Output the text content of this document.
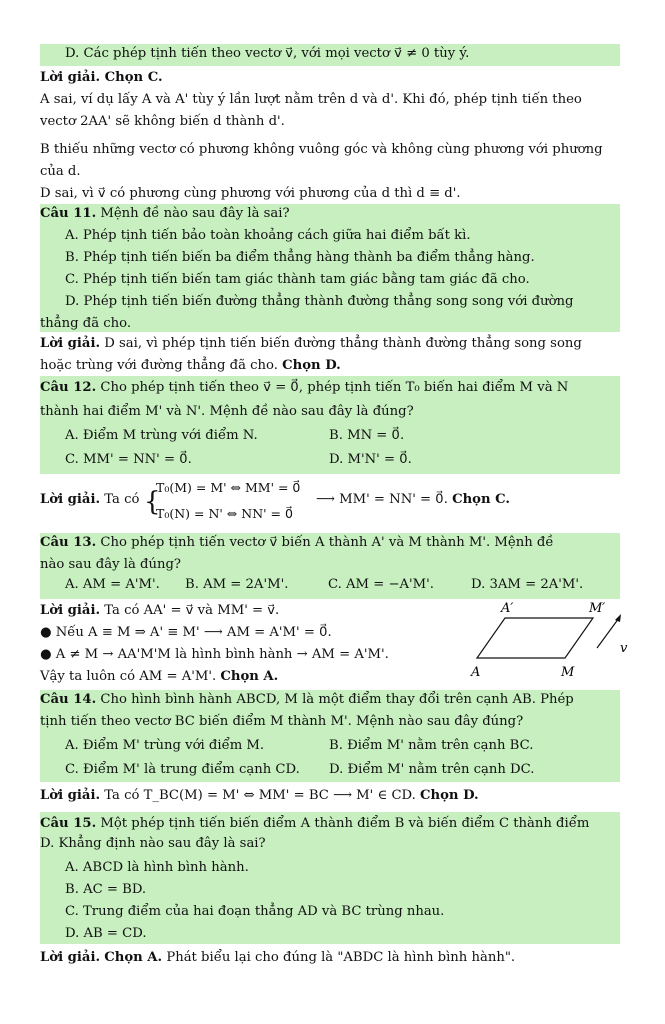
D. Các phép tịnh tiến theo vectơ v⃗, với mọi vectơ v⃗ ≠ 0 tùy ý.
Lời giải. Chọn C.
A sai, ví dụ lấy A và A' tùy ý lần lượt nằm trên d và d'. Khi đó, phép tịnh tiến theo
vectơ 2AA' sẽ không biến d thành d'.
B thiếu những vectơ có phương không vuông góc và không cùng phương với phương
của d.
D sai, vì v⃗ có phương cùng phương với phương của d thì d ≡ d'.
Câu 11. Mệnh đề nào sau đây là sai?
A. Phép tịnh tiến bảo toàn khoảng cách giữa hai điểm bất kì.
B. Phép tịnh tiến biến ba điểm thẳng hàng thành ba điểm thẳng hàng.
C. Phép tịnh tiến biến tam giác thành tam giác bằng tam giác đã cho.
D. Phép tịnh tiến biến đường thẳng thành đường thẳng song song với đường
thẳng đã cho.
Lời giải. D sai, vì phép tịnh tiến biến đường thẳng thành đường thẳng song song
hoặc trùng với đường thẳng đã cho. Chọn D.
Câu 12. Cho phép tịnh tiến theo v⃗ = 0⃗, phép tịnh tiến T₀ biến hai điểm M và N
thành hai điểm M' và N'. Mệnh đề nào sau đây là đúng?
A. Điểm M trùng với điểm N.	B. MN = 0⃗.
C. MM' = NN' = 0⃗.	D. M'N' = 0⃗.
Lời giải. Ta có {
T₀(M) = M' ⇔ MM' = 0⃗
T₀(N) = N' ⇔ NN' = 0⃗
⟶ MM' = NN' = 0⃗. Chọn C.
Câu 13. Cho phép tịnh tiến vectơ v⃗ biến A thành A' và M thành M'. Mệnh đề
nào sau đây là đúng?
A. AM = A'M'.	B. AM = 2A'M'.	C. AM = −A'M'.	D. 3AM = 2A'M'.
Lời giải. Ta có AA' = v⃗ và MM' = v⃗.
● Nếu A ≡ M ⇒ A' ≡ M' ⟶ AM = A'M' = 0⃗.
● A ≠ M → AA'M'M là hình bình hành → AM = A'M'.
Vậy ta luôn có AM = A'M'. Chọn A.
A′	M′
v
A	M
Câu 14. Cho hình bình hành ABCD, M là một điểm thay đổi trên cạnh AB. Phép
tịnh tiến theo vectơ BC biến điểm M thành M'. Mệnh nào sau đây đúng?
A. Điểm M' trùng với điểm M.	B. Điểm M' nằm trên cạnh BC.
C. Điểm M' là trung điểm cạnh CD.	D. Điểm M' nằm trên cạnh DC.
Lời giải. Ta có T_BC(M) = M' ⇔ MM' = BC ⟶ M' ∈ CD. Chọn D.
Câu 15. Một phép tịnh tiến biến điểm A thành điểm B và biến điểm C thành điểm
D. Khẳng định nào sau đây là sai?
A. ABCD là hình bình hành.
B. AC = BD.
C. Trung điểm của hai đoạn thẳng AD và BC trùng nhau.
D. AB = CD.
Lời giải. Chọn A. Phát biểu lại cho đúng là "ABDC là hình bình hành".
